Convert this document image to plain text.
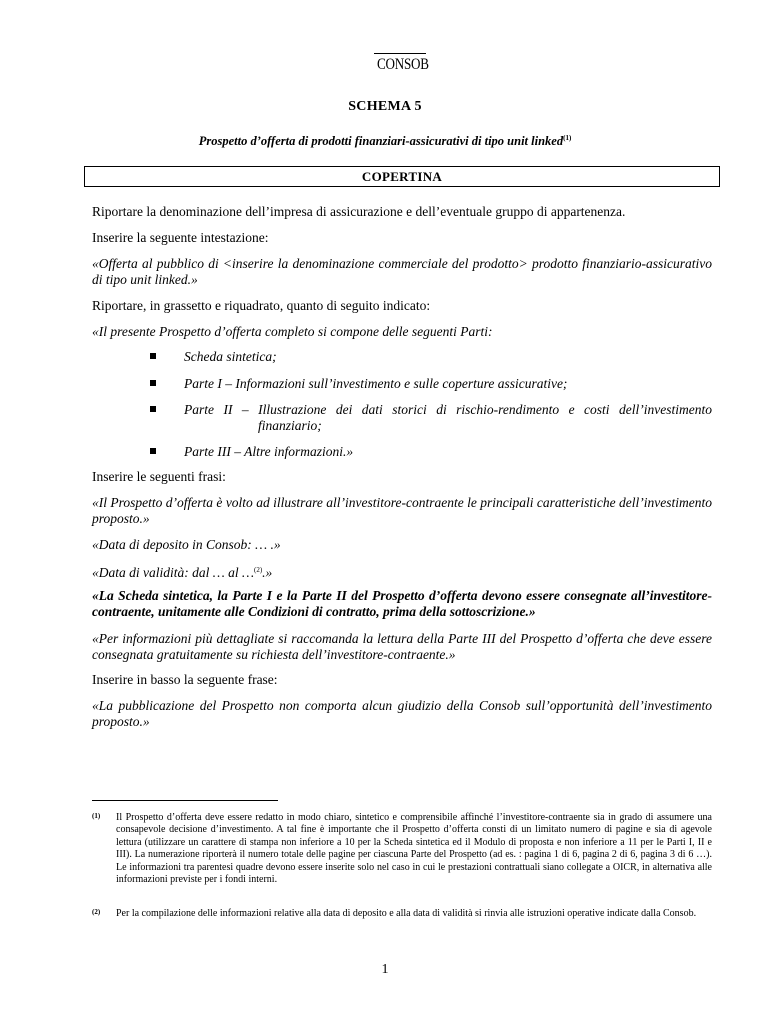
CONSOB
SCHEMA 5
Prospetto d’offerta di prodotti finanziari-assicurativi di tipo unit linked$^{(1)}$
COPERTINA
Riportare la denominazione dell’impresa di assicurazione e dell’eventuale gruppo di appartenenza.
Inserire la seguente intestazione:
«Offerta al pubblico di <inserire la denominazione commerciale del prodotto> prodotto finanziario-assicurativo di tipo unit linked.»
Riportare, in grassetto e riquadrato, quanto di seguito indicato:
«Il presente Prospetto d’offerta completo si compone delle seguenti Parti:
Scheda sintetica;
Parte I – Informazioni sull’investimento e sulle coperture assicurative;
Parte II – Illustrazione dei dati storici di rischio-rendimento e costi dell’investimento
finanziario;
Parte III – Altre informazioni.»
Inserire le seguenti frasi:
«Il Prospetto d’offerta è volto ad illustrare all’investitore-contraente le principali caratteristiche dell’investimento proposto.»
«Data di deposito in Consob: … .»
«Data di validità: dal … al …$^{(2)}$.»
«La Scheda sintetica, la Parte I e la Parte II del Prospetto d’offerta devono essere consegnate all’investitore-contraente, unitamente alle Condizioni di contratto, prima della sottoscrizione.»
«Per informazioni più dettagliate si raccomanda la lettura della Parte III del Prospetto d’offerta che deve essere consegnata gratuitamente su richiesta dell’investitore-contraente.»
Inserire in basso la seguente frase:
«La pubblicazione del Prospetto non comporta alcun giudizio della Consob sull’opportunità dell’investimento proposto.»
(1) Il Prospetto d’offerta deve essere redatto in modo chiaro, sintetico e comprensibile affinché l’investitore-contraente sia in grado di assumere una consapevole decisione d’investimento. A tal fine è importante che il Prospetto d’offerta consti di un limitato numero di pagine e sia di agevole lettura (utilizzare un carattere di stampa non inferiore a 10 per la Scheda sintetica ed il Modulo di proposta e non inferiore a 11 per le Parti I, II e III). La numerazione riporterà il numero totale delle pagine per ciascuna Parte del Prospetto (ad es. : pagina 1 di 6, pagina 2 di 6, pagina 3 di 6 …). Le informazioni tra parentesi quadre devono essere inserite solo nel caso in cui le prestazioni contrattuali siano collegate a OICR, in alternativa alle informazioni previste per i fondi interni.
(2) Per la compilazione delle informazioni relative alla data di deposito e alla data di validità si rinvia alle istruzioni operative indicate dalla Consob.
1
